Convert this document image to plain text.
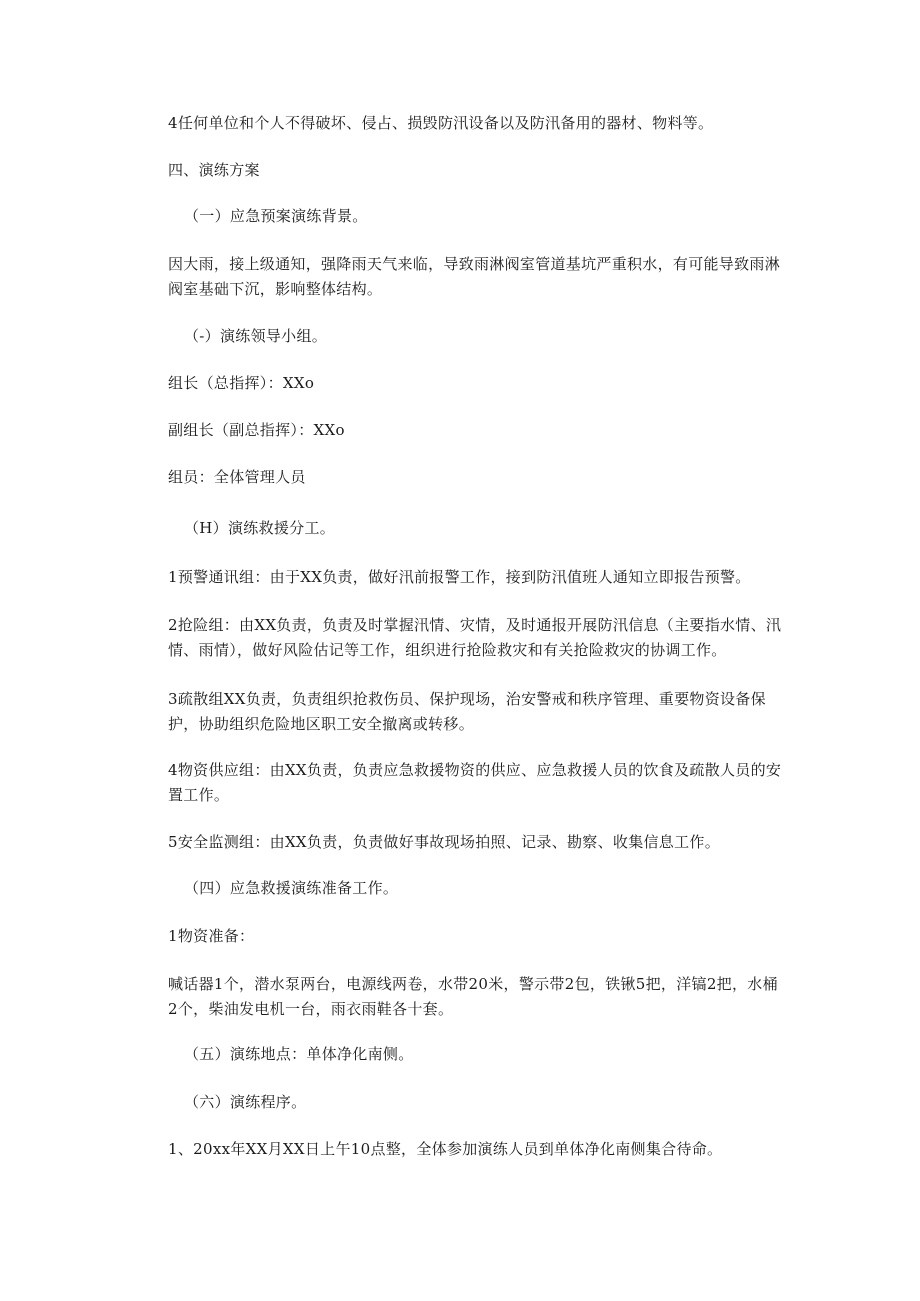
4任何单位和个人不得破坏、侵占、损毁防汛设备以及防汛备用的器材、物料等。

四、演练方案

（一）应急预案演练背景。

因大雨，接上级通知，强降雨天气来临，导致雨淋阀室管道基坑严重积水，有可能导致雨淋阀室基础下沉，影响整体结构。

（-）演练领导小组。

组长（总指挥）：XXo

副组长（副总指挥）：XXo

组员：全体管理人员

（H）演练救援分工。

1预警通讯组：由于XX负责，做好汛前报警工作，接到防汛值班人通知立即报告预警。

2抢险组：由XX负责，负责及时掌握汛情、灾情，及时通报开展防汛信息（主要指水情、汛情、雨情），做好风险估记等工作，组织进行抢险救灾和有关抢险救灾的协调工作。

3疏散组XX负责，负责组织抢救伤员、保护现场，治安警戒和秩序管理、重要物资设备保护，协助组织危险地区职工安全撤离或转移。

4物资供应组：由XX负责，负责应急救援物资的供应、应急救援人员的饮食及疏散人员的安置工作。

5安全监测组：由XX负责，负责做好事故现场拍照、记录、勘察、收集信息工作。

（四）应急救援演练准备工作。

1物资准备：

喊话器1个，潜水泵两台，电源线两卷，水带20米，警示带2包，铁锹5把，洋镐2把，水桶2个，柴油发电机一台，雨衣雨鞋各十套。

（五）演练地点：单体净化南侧。

（六）演练程序。

1、20xx年XX月XX日上午10点整，全体参加演练人员到单体净化南侧集合待命。
